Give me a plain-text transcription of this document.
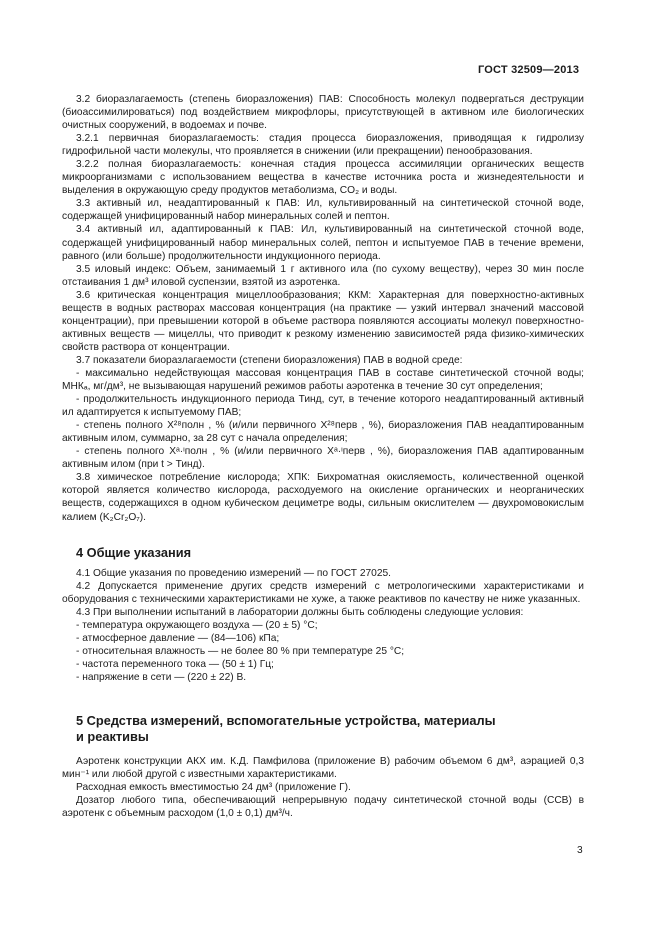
ГОСТ 32509—2013

3.2 биоразлагаемость (степень биоразложения) ПАВ: Способность молекул подвергаться деструкции (биоассимилироваться) под воздействием микрофлоры, присутствующей в активном иле биологических очистных сооружений, в водоемах и почве.

3.2.1 первичная биоразлагаемость: стадия процесса биоразложения, приводящая к гидролизу гидрофильной части молекулы, что проявляется в снижении (или прекращении) пенообразования.

3.2.2 полная биоразлагаемость: конечная стадия процесса ассимиляции органических веществ микроорганизмами с использованием вещества в качестве источника роста и жизнедеятельности и выделения в окружающую среду продуктов метаболизма, CO₂ и воды.

3.3 активный ил, неадаптированный к ПАВ: Ил, культивированный на синтетической сточной воде, содержащей унифицированный набор минеральных солей и пептон.

3.4 активный ил, адаптированный к ПАВ: Ил, культивированный на синтетической сточной воде, содержащей унифицированный набор минеральных солей, пептон и испытуемое ПАВ в течение времени, равного (или больше) продолжительности индукционного периода.

3.5 иловый индекс: Объем, занимаемый 1 г активного ила (по сухому веществу), через 30 мин после отстаивания 1 дм³ иловой суспензии, взятой из аэротенка.

3.6 критическая концентрация мицеллообразования; ККМ: Характерная для поверхностно-активных веществ в водных растворах массовая концентрация (на практике — узкий интервал значений массовой концентрации), при превышении которой в объеме раствора появляются ассоциаты молекул поверхностно-активных веществ — мицеллы, что приводит к резкому изменению зависимостей ряда физико-химических свойств раствора от концентрации.

3.7 показатели биоразлагаемости (степени биоразложения) ПАВ в водной среде:

- максимально недействующая массовая концентрация ПАВ в составе синтетической сточной воды; МНКₐ, мг/дм³, не вызывающая нарушений режимов работы аэротенка в течение 30 сут определения;

- продолжительность индукционного периода Тинд, сут, в течение которого неадаптированный активный ил адаптируется к испытуемому ПАВ;

- степень полного X²⁸полн , % (и/или первичного X²⁸перв , %), биоразложения ПАВ неадаптированным активным илом, суммарно, за 28 сут с начала определения;

- степень полного Xᵃ·ᶦполн , % (и/или первичного Xᵃ·ᶦперв , %), биоразложения ПАВ адаптированным активным илом (при t > Тинд).

3.8 химическое потребление кислорода; ХПК: Бихроматная окисляемость, количественной оценкой которой является количество кислорода, расходуемого на окисление органических и неорганических веществ, содержащихся в одном кубическом дециметре воды, сильным окислителем — двухромовокислым калием (K₂Cr₂O₇).

4 Общие указания

4.1 Общие указания по проведению измерений — по ГОСТ 27025.

4.2 Допускается применение других средств измерений с метрологическими характеристиками и оборудования с техническими характеристиками не хуже, а также реактивов по качеству не ниже указанных.

4.3 При выполнении испытаний в лаборатории должны быть соблюдены следующие условия:

- температура окружающего воздуха — (20 ± 5) °С;

- атмосферное давление — (84—106) кПа;

- относительная влажность — не более 80 % при температуре 25 °С;

- частота переменного тока — (50 ± 1) Гц;

- напряжение в сети — (220 ± 22) В.

5 Средства измерений, вспомогательные устройства, материалы
и реактивы

Аэротенк конструкции АКХ им. К.Д. Памфилова (приложение В) рабочим объемом 6 дм³, аэрацией 0,3 мин⁻¹ или любой другой с известными характеристиками.

Расходная емкость вместимостью 24 дм³ (приложение Г).

Дозатор любого типа, обеспечивающий непрерывную подачу синтетической сточной воды (ССВ) в аэротенк с объемным расходом (1,0 ± 0,1) дм³/ч.

3
